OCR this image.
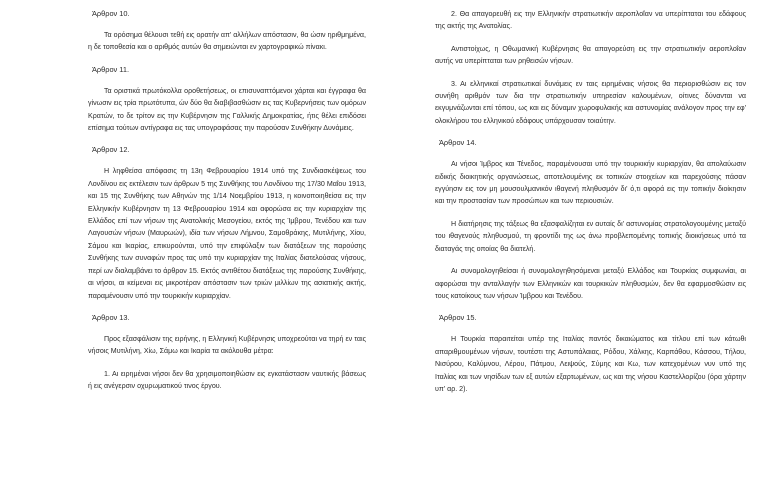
Άρθρον 10.

Τα ορόσημα θέλουσι τεθή εις ορατήν απ' αλλήλων απόστασιν, θα ώσιν ηριθμημένα, η δε τοποθεσία και ο αριθμός αυτών θα σημειώνται εν χαρτογραφικώ πίνακι.

Άρθρον 11.

Τα οριστικά πρωτόκολλα οροθετήσεως, οι επισυναπτόμενοι χάρται και έγγραφα θα γίνωσιν εις τρία πρωτότυπα, ών δύο θα διαβιβασθώσιν εις τας Κυβερνήσεις των ομόρων Κρατών, το δε τρίτον εις την Κυβέρνησιν της Γαλλικής Δημοκρατίας, ήτις θέλει επιδόσει επίσημα τούτων αντίγραφα εις τας υπογραφάσας την παρούσαν Συνθήκην Δυνάμεις.

Άρθρον 12.

Η ληφθείσα απόφασις τη 13η Φεβρουαρίου 1914 υπό της Συνδιασκέψεως του Λονδίνου εις εκτέλεσιν των άρθρων 5 της Συνθήκης του Λονδίνου της 17/30 Μαΐου 1913, και 15 της Συνθήκης των Αθηνών της 1/14 Νοεμβρίου 1913, η κοινοποιηθείσα εις την Ελληνικήν Κυβέρνησιν τη 13 Φεβρουαρίου 1914 και αφορώσα εις την κυριαρχίαν της Ελλάδος επί των νήσων της Ανατολικής Μεσογείου, εκτός της Ίμβρου, Τενέδου και των Λαγουσών νήσων (Μαυρωών), ιδία των νήσων Λήμνου, Σαμοθράκης, Μυτιλήνης, Χίου, Σάμου και Ικαρίας, επικυρούνται, υπό την επιφύλαξιν των διατάξεων της παρούσης Συνθήκης των συναφών προς τας υπό την κυριαρχίαν της Ιταλίας διατελούσας νήσους, περί ων διαλαμβάνει το άρθρον 15. Εκτός αντιθέτου διατάξεως της παρούσης Συνθήκης, αι νήσοι, αι κείμεναι εις μικροτέραν απόστασιν των τριών μιλλίων της ασιατικής ακτής, παραμένουσιν υπό την τουρκικήν κυριαρχίαν.

Άρθρον 13.

Προς εξασφάλισιν της ειρήνης, η Ελληνική Κυβέρνησις υποχρεούται να τηρή εν ταις νήσοις Μυτιλήνη, Χίω, Σάμω και Ικαρία τα ακόλουθα μέτρα:

1. Αι ειρημέναι νήσοι δεν θα χρησιμοποιηθώσιν εις εγκατάστασιν ναυτικής βάσεως ή εις ανέγερσιν οχυρωματικού τινος έργου.

2. Θα απαγορευθή εις την Ελληνικήν στρατιωτικήν αεροπλοΐαν να υπερίπταται του εδάφους της ακτής της Ανατολίας.

Αντιστοίχως, η Οθωμανική Κυβέρνησις θα απαγορεύση εις την στρατιωτικήν αεροπλοΐαν αυτής να υπερίπταται των ρηθεισών νήσων.

3. Αι ελληνικαί στρατιωτικαί δυνάμεις εν ταις ειρημέναις νήσοις θα περιορισθώσιν εις τον συνήθη αριθμόν των δια την στρατιωτικήν υπηρεσίαν καλουμένων, οίτινες δύνανται να εκγυμνάζωνται επί τόπου, ως και εις δύναμιν χωροφυλακής και αστυνομίας ανάλογον προς την εφ' ολοκλήρου του ελληνικού εδάφους υπάρχουσαν τοιαύτην.

Άρθρον 14.

Αι νήσοι Ίμβρος και Τένεδος, παραμένουσαι υπό την τουρκικήν κυριαρχίαν, θα απολαύωσιν ειδικής διοικητικής οργανώσεως, αποτελουμένης εκ τοπικών στοιχείων και παρεχούσης πάσαν εγγύησιν εις τον μη μουσουλμανικόν ιθαγενή πληθυσμόν δι' ό,τι αφορά εις την τοπικήν διοίκησιν και την προστασίαν των προσώπων και των περιουσιών.

Η διατήρησις της τάξεως θα εξασφαλίζηται εν αυταίς δι' αστυνομίας στρατολογουμένης μεταξύ του ιθαγενούς πληθυσμού, τη φροντίδι της ως άνω προβλεπομένης τοπικής διοικήσεως υπό τα διαταγάς της οποίας θα διατελή.

Αι συνομολογηθείσαι ή συνομολογηθησόμεναι μεταξύ Ελλάδος και Τουρκίας συμφωνίαι, αι αφορώσαι την ανταλλαγήν των Ελληνικών και τουρκικών πληθυσμών, δεν θα εφαρμοσθώσιν εις τους κατοίκους των νήσων Ίμβρου και Τενέδου.

Άρθρον 15.

Η Τουρκία παραιτείται υπέρ της Ιταλίας παντός δικαιώματος και τίτλου επί των κάτωθι απαριθμουμένων νήσων, τουτέστι της Αστυπάλαιας, Ρόδου, Χάλκης, Καρπάθου, Κάσσου, Τήλου, Νισύρου, Καλύμνου, Λέρου, Πάτμου, Λειψούς, Σύμης και Κω, των κατεχομένων νυν υπό της Ιταλίας και των νησίδων των εξ αυτών εξαρτωμένων, ως και της νήσου Καστελλορίζου (όρα χάρτην υπ' αρ. 2).
